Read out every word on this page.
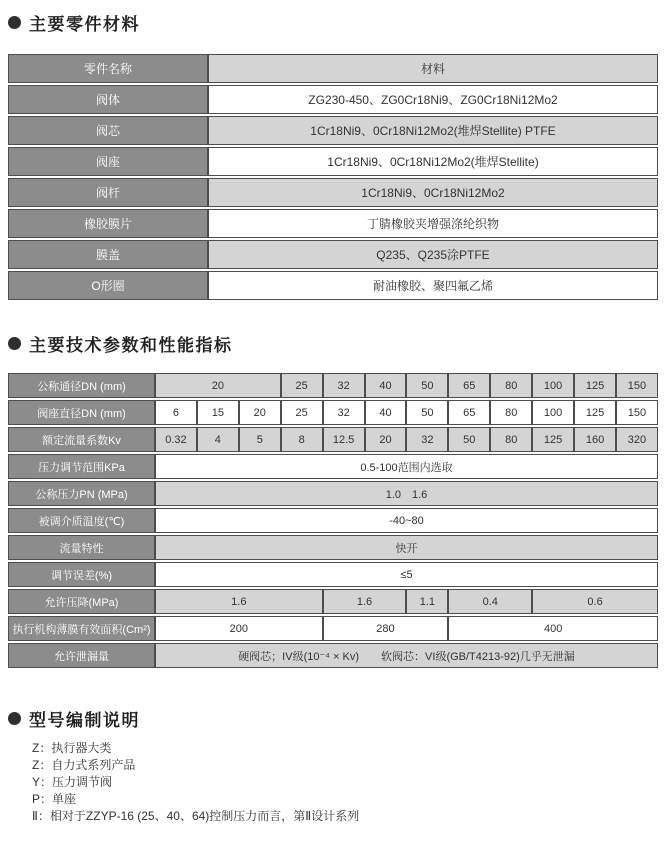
主要零件材料
零件名称	材料
阀体	ZG230-450、ZG0Cr18Ni9、ZG0Cr18Ni12Mo2
阀芯	1Cr18Ni9、0Cr18Ni12Mo2(堆焊Stellite) PTFE
阀座	1Cr18Ni9、0Cr18Ni12Mo2(堆焊Stellite)
阀杆	1Cr18Ni9、0Cr18Ni12Mo2
橡胶膜片	丁腈橡胶夹增强涤纶织物
膜盖	Q235、Q235涂PTFE
O形圈	耐油橡胶、聚四氟乙烯
主要技术参数和性能指标
公称通径DN (mm)	20			25	32	40	50	65	80	100	125	150
阀座直径DN (mm)	6	15	20	25	32	40	50	65	80	100	125	150
额定流量系数Kv	0.32	4	5	8	12.5	20	32	50	80	125	160	320
压力调节范围KPa	0.5-100范围内选取											
公称压力PN (MPa)	1.0　1.6											
被调介质温度(℃)	-40~80											
流量特性	快开											
调节误差(%)	≤5											
允许压降(MPa)	1.6				1.6		1.1	0.4		0.6		
执行机构薄膜有效面积(Cm²)	200				280			400				
允许泄漏量	硬阀芯；IV级(10⁻⁴ × Kv)　　软阀芯：VI级(GB/T4213-92)几乎无泄漏											
型号编制说明
Z：执行器大类
Z：自力式系列产品
Y：压力调节阀
P：单座
Ⅱ：相对于ZZYP-16 (25、40、64)控制压力而言，第Ⅱ设计系列
